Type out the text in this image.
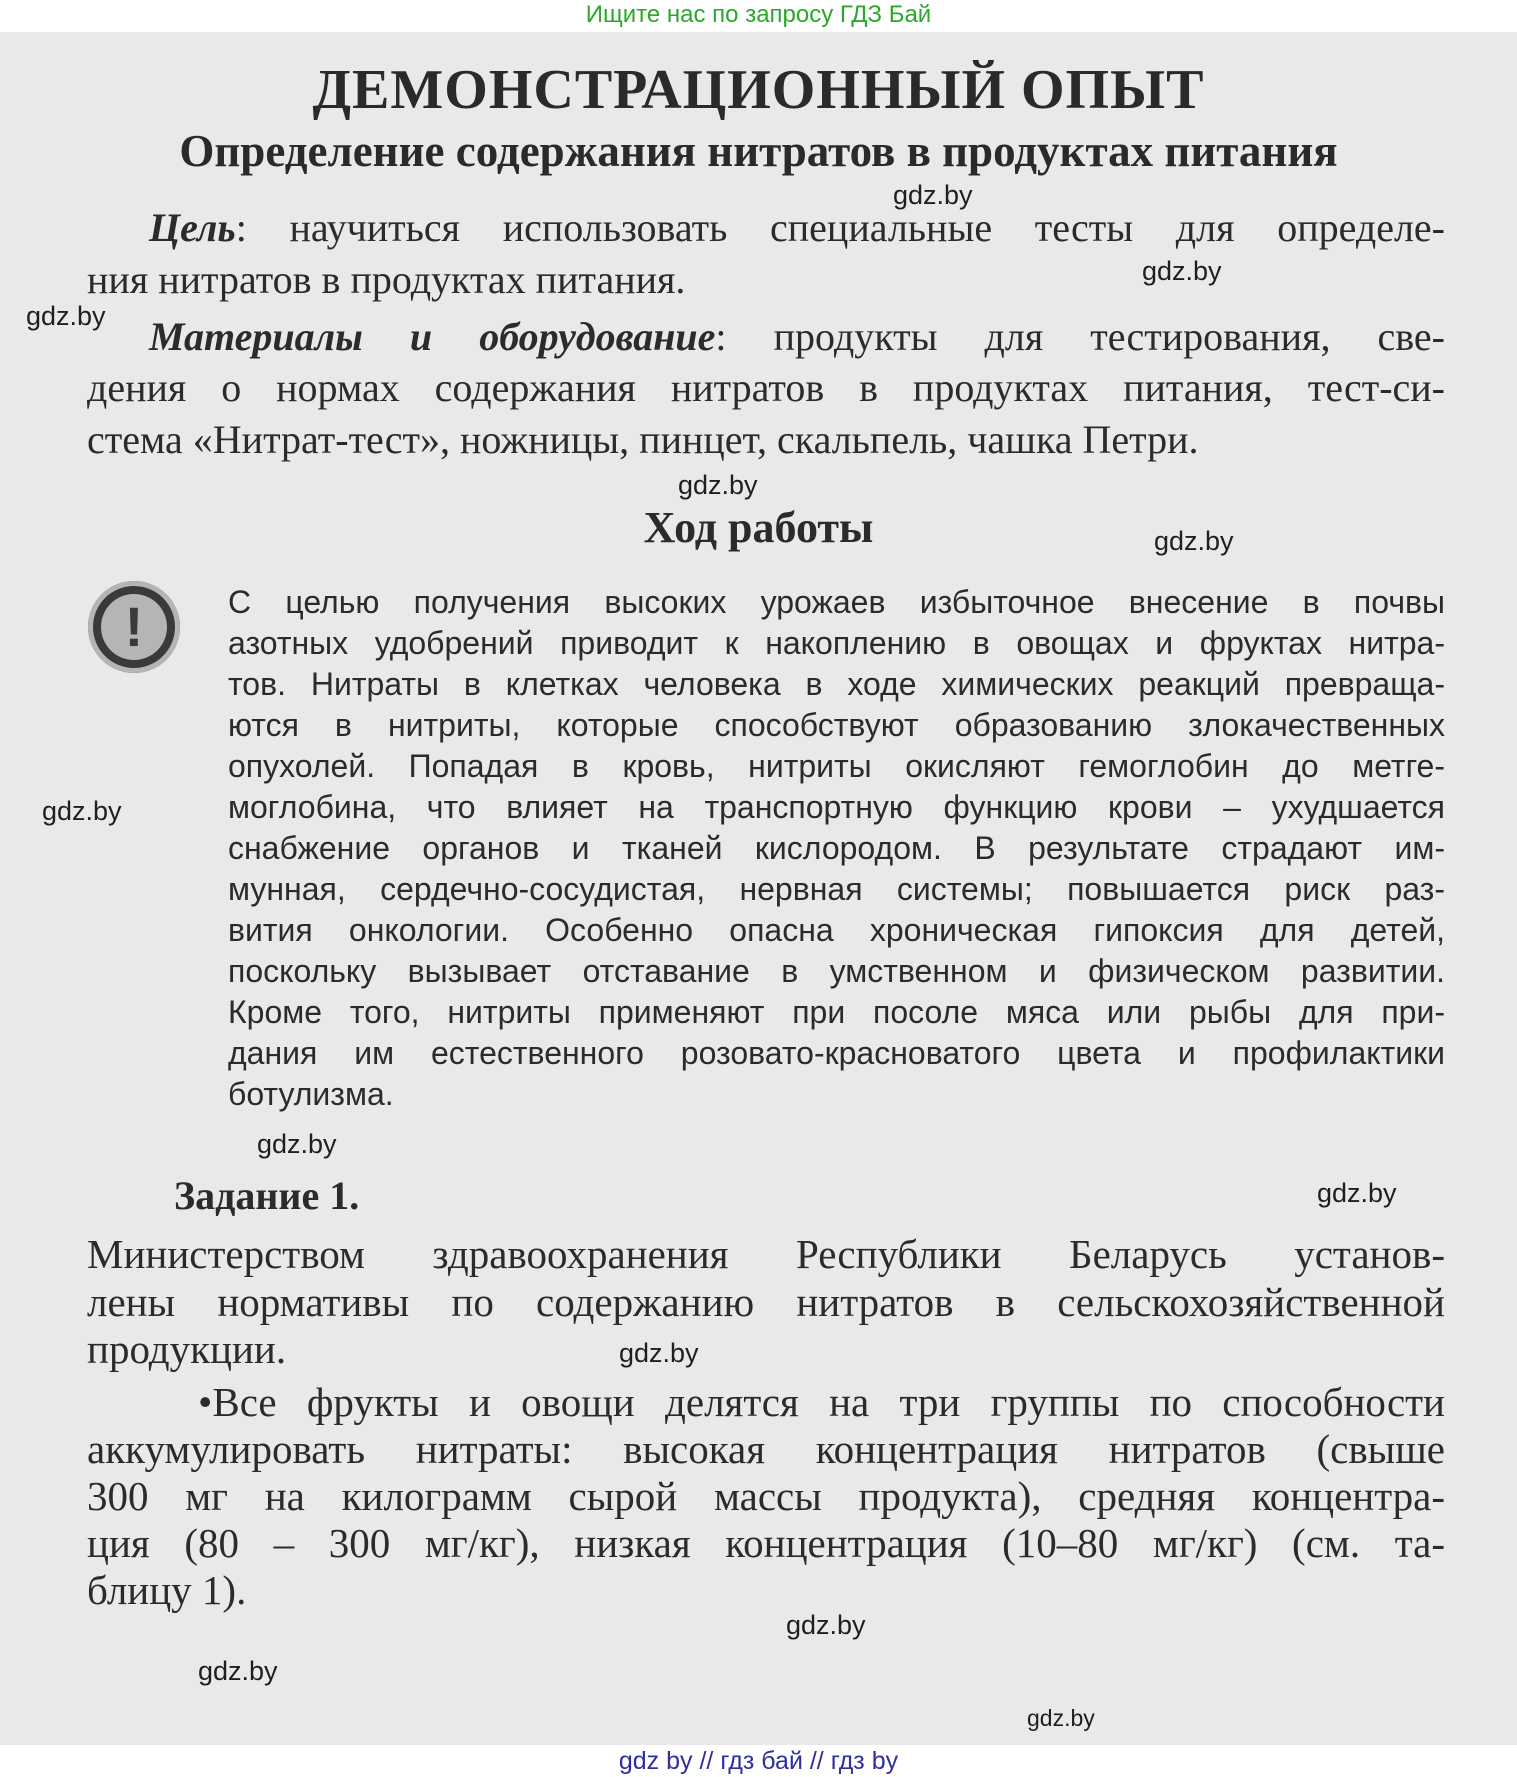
Ищите нас по запросу ГДЗ Бай
ДЕМОНСТРАЦИОННЫЙ ОПЫТ
Определение содержания нитратов в продуктах питания
Цель: научиться использовать специальные тесты для определе-
ния нитратов в продуктах питания.
Материалы и оборудование: продукты для тестирования, све-
дения о нормах содержания нитратов в продуктах питания, тест-си-
стема «Нитрат-тест», ножницы, пинцет, скальпель, чашка Петри.
Ход работы
!	С целью получения высоких урожаев избыточное внесение в почвы
азотных удобрений приводит к накоплению в овощах и фруктах нитра-
тов. Нитраты в клетках человека в ходе химических реакций превраща-
ются в нитриты, которые способствуют образованию злокачественных
опухолей. Попадая в кровь, нитриты окисляют гемоглобин до метге-
моглобина, что влияет на транспортную функцию крови – ухудшается
снабжение органов и тканей кислородом. В результате страдают им-
мунная, сердечно-сосудистая, нервная системы; повышается риск раз-
вития онкологии. Особенно опасна хроническая гипоксия для детей,
поскольку вызывает отставание в умственном и физическом развитии.
Кроме того, нитриты применяют при посоле мяса или рыбы для при-
дания им естественного розовато-красноватого цвета и профилактики
ботулизма.
Задание 1.
Министерством здравоохранения Республики Беларусь установ-
лены нормативы по содержанию нитратов в сельскохозяйственной
продукции.
•Все фрукты и овощи делятся на три группы по способности
аккумулировать нитраты: высокая концентрация нитратов (свыше
300 мг на килограмм сырой массы продукта), средняя концентра-
ция (80 – 300 мг/кг), низкая концентрация (10–80 мг/кг) (см. та-
блицу 1).
gdz.by
gdz.by
gdz.by
gdz.by
gdz.by
gdz.by
gdz.by
gdz.by
gdz.by
gdz.by
gdz.by
gdz.by
gdz by // гдз бай // гдз by
